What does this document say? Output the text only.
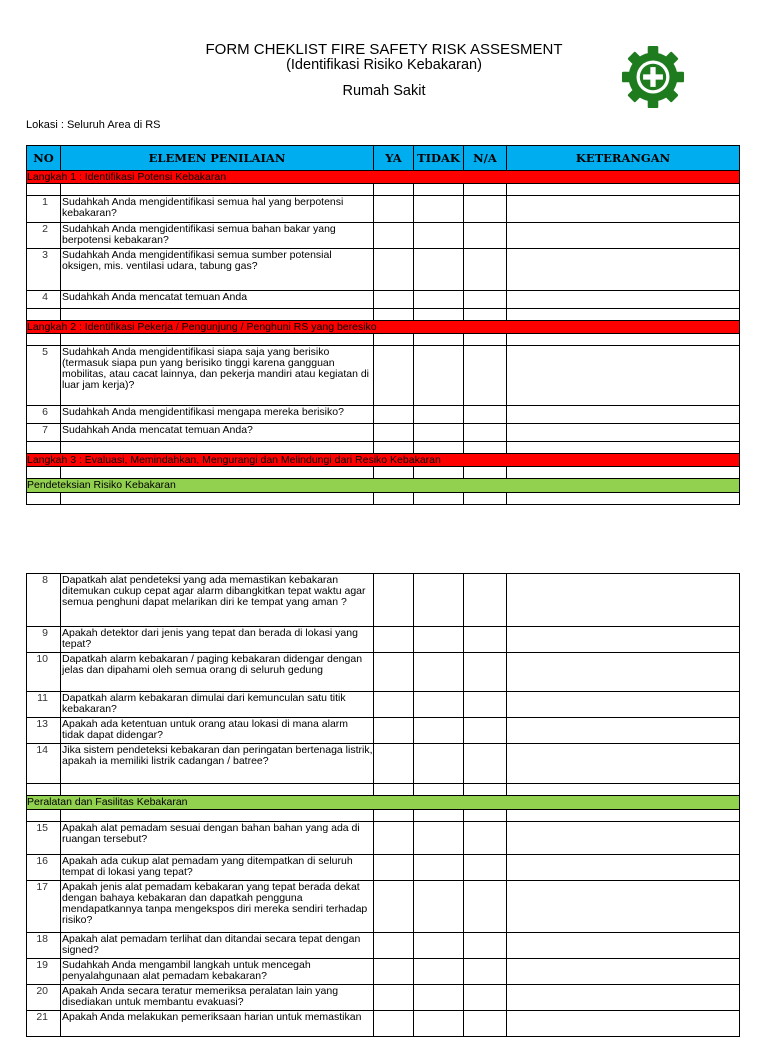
FORM CHEKLIST FIRE SAFETY RISK ASSESMENT
(Identifikasi Risiko Kebakaran)
Rumah Sakit
Lokasi : Seluruh Area di RS
NO	ELEMEN PENILAIAN	YA	TIDAK	N/A	KETERANGAN
Langkah 1 : Identifikasi Potensi Kebakaran					

1	Sudahkah Anda mengidentifikasi semua hal yang berpotensi kebakaran?				
2	Sudahkah Anda mengidentifikasi semua bahan bakar yang berpotensi kebakaran?				
3	Sudahkah Anda mengidentifikasi semua sumber potensial oksigen, mis. ventilasi udara, tabung gas?				
4	Sudahkah Anda mencatat temuan Anda				

Langkah 2 : Identifikasi Pekerja / Pengunjung / Penghuni RS yang beresiko					

5	Sudahkah Anda mengidentifikasi siapa saja yang berisiko (termasuk siapa pun yang berisiko tinggi karena gangguan mobilitas, atau cacat lainnya, dan pekerja mandiri atau kegiatan di luar jam kerja)?				
6	Sudahkah Anda mengidentifikasi mengapa mereka berisiko?				
7	Sudahkah Anda mencatat temuan Anda?				

Langkah 3 : Evaluasi, Memindahkan, Mengurangi dan Melindungi dari Resiko Kebakaran					

Pendeteksian Risiko Kebakaran					

8	Dapatkah alat pendeteksi yang ada memastikan kebakaran ditemukan cukup cepat agar alarm dibangkitkan tepat waktu agar semua penghuni dapat melarikan diri ke tempat yang aman ?				
9	Apakah detektor dari jenis yang tepat dan berada di lokasi yang tepat?				
10	Dapatkah alarm kebakaran / paging kebakaran didengar dengan jelas dan dipahami oleh semua orang di seluruh gedung				
11	Dapatkah alarm kebakaran dimulai dari kemunculan satu titik kebakaran?				
13	Apakah ada ketentuan untuk orang atau lokasi di mana alarm tidak dapat didengar?				
14	Jika sistem pendeteksi kebakaran dan peringatan bertenaga listrik, apakah ia memiliki listrik cadangan / batree?				

Peralatan dan Fasilitas Kebakaran					

15	Apakah alat pemadam sesuai dengan bahan bahan yang ada di ruangan tersebut?				
16	Apakah ada cukup alat pemadam yang ditempatkan di seluruh tempat di lokasi yang tepat?				
17	Apakah jenis alat pemadam kebakaran yang tepat berada dekat dengan bahaya kebakaran dan dapatkah pengguna mendapatkannya tanpa mengekspos diri mereka sendiri terhadap risiko?				
18	Apakah alat pemadam terlihat dan ditandai secara tepat dengan signed?				
19	Sudahkah Anda mengambil langkah untuk mencegah penyalahgunaan alat pemadam kebakaran?				
20	Apakah Anda secara teratur memeriksa peralatan lain yang disediakan untuk membantu evakuasi?				
21	Apakah Anda melakukan pemeriksaan harian untuk memastikan				
